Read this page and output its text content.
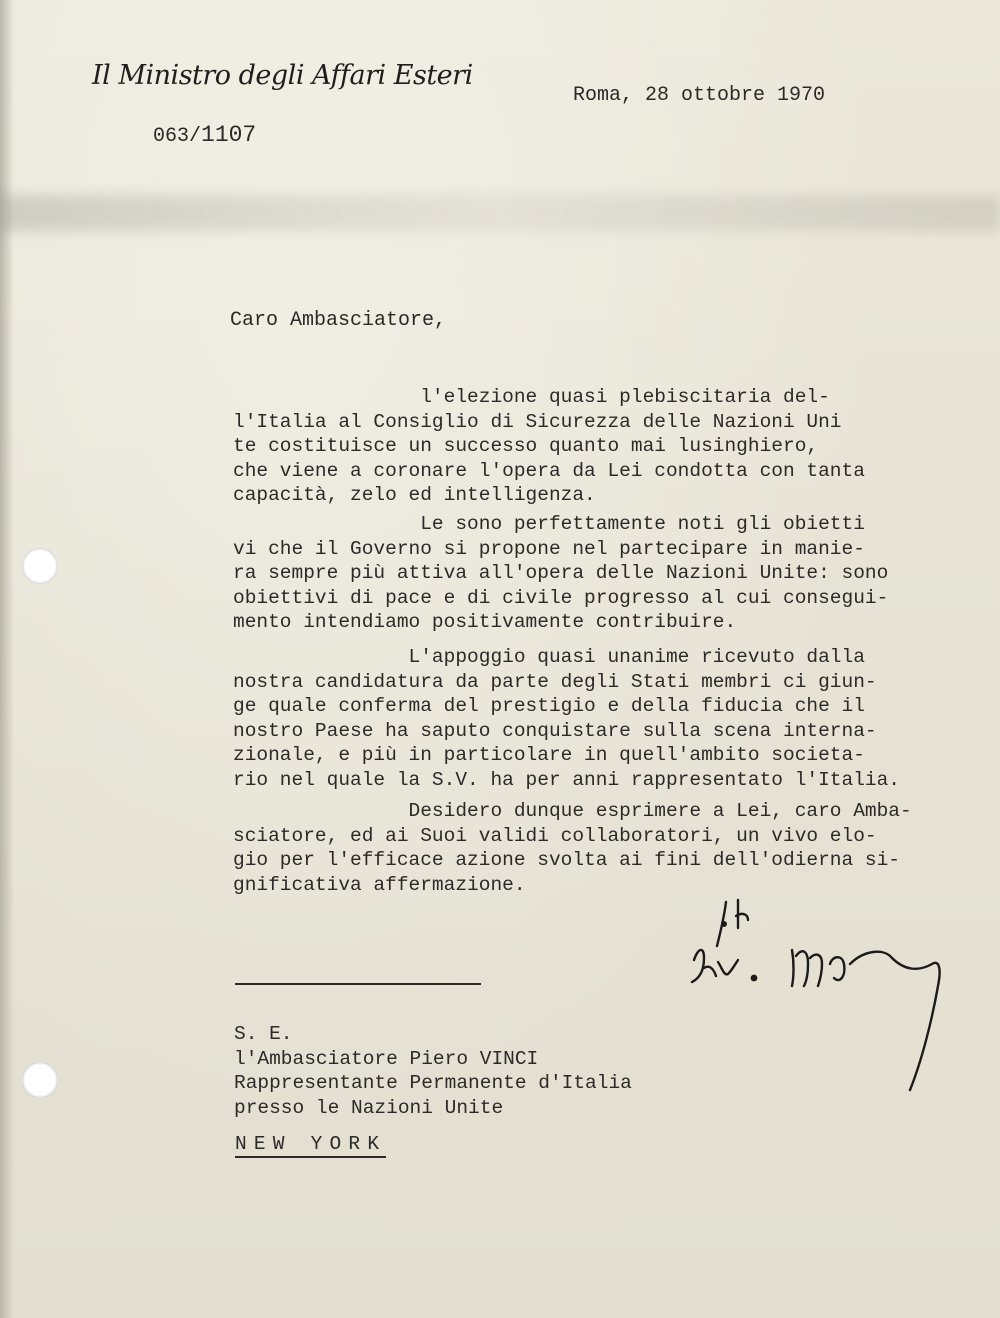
Il Ministro degli Affari Esteri
063/1107
Roma, 28 ottobre 1970
Caro Ambasciatore,
l'elezione quasi plebiscitaria del-
l'Italia al Consiglio di Sicurezza delle Nazioni Uni
te costituisce un successo quanto mai lusinghiero,
che viene a coronare l'opera da Lei condotta con tanta
capacità, zelo ed intelligenza.
Le sono perfettamente noti gli obietti
vi che il Governo si propone nel partecipare in manie-
ra sempre più attiva all'opera delle Nazioni Unite: sono
obiettivi di pace e di civile progresso al cui consegui-
mento intendiamo positivamente contribuire.
L'appoggio quasi unanime ricevuto dalla
nostra candidatura da parte degli Stati membri ci giun-
ge quale conferma del prestigio e della fiducia che il
nostro Paese ha saputo conquistare sulla scena interna-
zionale, e più in particolare in quell'ambito societa-
rio nel quale la S.V. ha per anni rappresentato l'Italia.
Desidero dunque esprimere a Lei, caro Amba-
sciatore, ed ai Suoi validi collaboratori, un vivo elo-
gio per l'efficace azione svolta ai fini dell'odierna si-
gnificativa affermazione.
S. E.
l'Ambasciatore Piero VINCI
Rappresentante Permanente d'Italia
presso le Nazioni Unite
NEW YORK
